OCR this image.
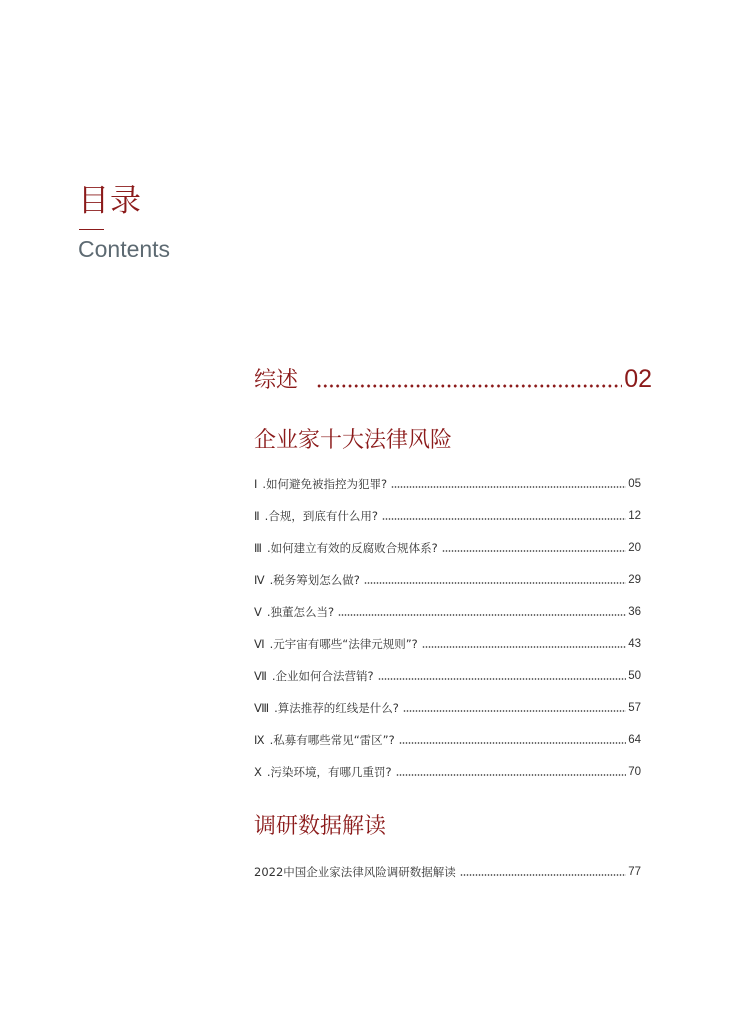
目录
Contents
综述	02
企业家十大法律风险
Ⅰ .如何避免被指控为犯罪?	05
Ⅱ .合规，到底有什么用?	12
Ⅲ .如何建立有效的反腐败合规体系?	20
Ⅳ .税务筹划怎么做?	29
Ⅴ .独董怎么当?	36
Ⅵ .元宇宙有哪些“法律元规则”?	43
Ⅶ .企业如何合法营销?	50
Ⅷ .算法推荐的红线是什么?	57
Ⅸ .私募有哪些常见“雷区”?	64
Ⅹ .污染环境，有哪几重罚?	70
调研数据解读
2022中国企业家法律风险调研数据解读	77
